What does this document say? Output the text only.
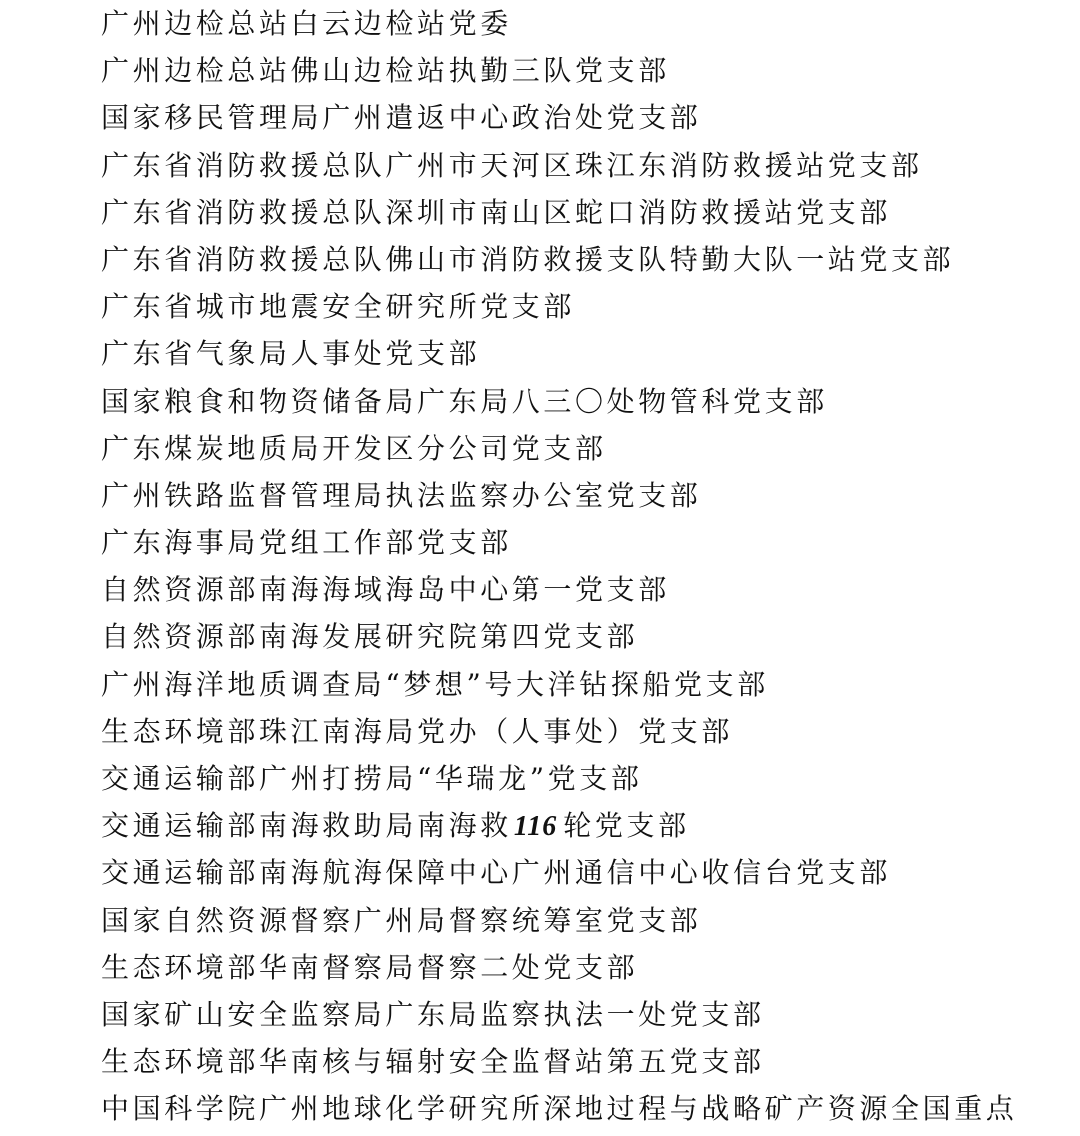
广州边检总站白云边检站党委

广州边检总站佛山边检站执勤三队党支部

国家移民管理局广州遣返中心政治处党支部

广东省消防救援总队广州市天河区珠江东消防救援站党支部

广东省消防救援总队深圳市南山区蛇口消防救援站党支部

广东省消防救援总队佛山市消防救援支队特勤大队一站党支部

广东省城市地震安全研究所党支部

广东省气象局人事处党支部

国家粮食和物资储备局广东局八三〇处物管科党支部

广东煤炭地质局开发区分公司党支部

广州铁路监督管理局执法监察办公室党支部

广东海事局党组工作部党支部

自然资源部南海海域海岛中心第一党支部

自然资源部南海发展研究院第四党支部

广州海洋地质调查局“梦想”号大洋钻探船党支部

生态环境部珠江南海局党办（人事处）党支部

交通运输部广州打捞局“华瑞龙”党支部

交通运输部南海救助局南海救116 轮党支部

交通运输部南海航海保障中心广州通信中心收信台党支部

国家自然资源督察广州局督察统筹室党支部

生态环境部华南督察局督察二处党支部

国家矿山安全监察局广东局监察执法一处党支部

生态环境部华南核与辐射安全监督站第五党支部

中国科学院广州地球化学研究所深地过程与战略矿产资源全国重点
